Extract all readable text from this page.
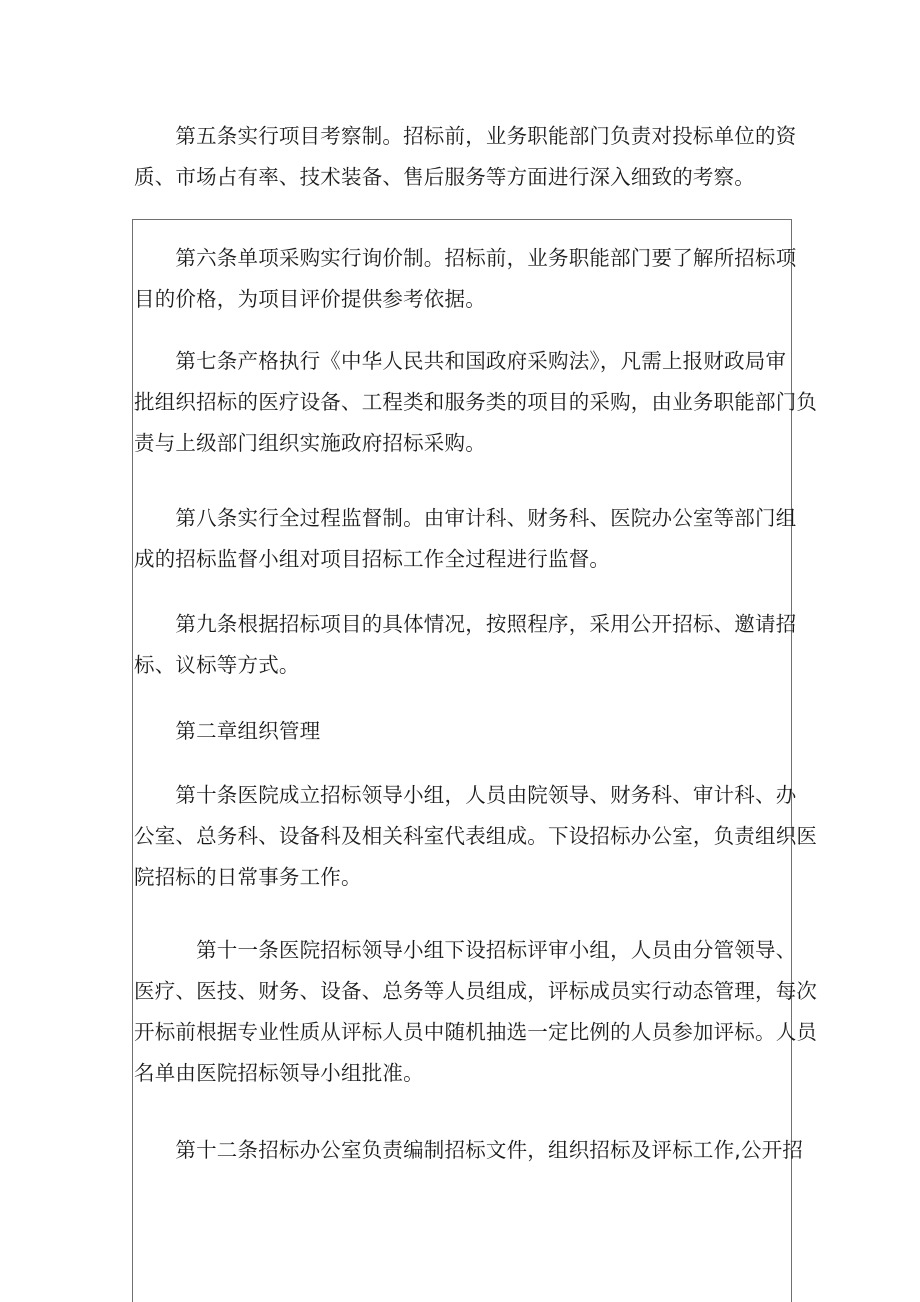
　　第五条实行项目考察制。招标前，业务职能部门负责对投标单位的资
质、市场占有率、技术装备、售后服务等方面进行深入细致的考察。

　　第六条单项采购实行询价制。招标前，业务职能部门要了解所招标项
目的价格，为项目评价提供参考依据。

　　第七条产格执行《中华人民共和国政府采购法》，凡需上报财政局审
批组织招标的医疗设备、工程类和服务类的项目的采购，由业务职能部门负
责与上级部门组织实施政府招标采购。

　　第八条实行全过程监督制。由审计科、财务科、医院办公室等部门组
成的招标监督小组对项目招标工作全过程进行监督。

　　第九条根据招标项目的具体情况，按照程序，采用公开招标、邀请招
标、议标等方式。

　　第二章组织管理

　　第十条医院成立招标领导小组，人员由院领导、财务科、审计科、办
公室、总务科、设备科及相关科室代表组成。下设招标办公室，负责组织医
院招标的日常事务工作。

　　　第十一条医院招标领导小组下设招标评审小组，人员由分管领导、
医疗、医技、财务、设备、总务等人员组成，评标成员实行动态管理，每次
开标前根据专业性质从评标人员中随机抽选一定比例的人员参加评标。人员
名单由医院招标领导小组批准。

　　第十二条招标办公室负责编制招标文件，组织招标及评标工作,公开招
